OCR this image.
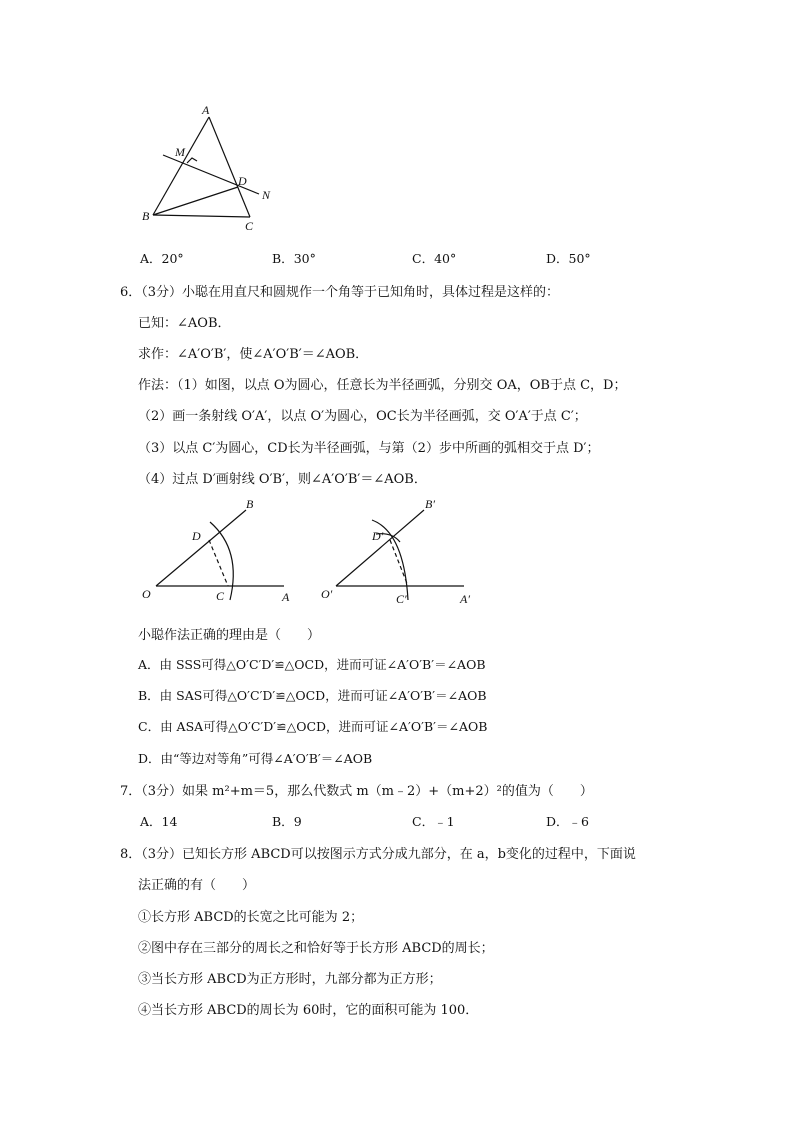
A
M
D
N
B
C
A．20°	B．30°	C．40°	D．50°
6．（3分）小聪在用直尺和圆规作一个角等于已知角时，具体过程是这样的：
已知：∠AOB．
求作：∠A′O′B′，使∠A′O′B′＝∠AOB．
作法：（1）如图，以点 O为圆心，任意长为半径画弧，分别交 OA，OB于点 C，D；
（2）画一条射线 O′A′，以点 O′为圆心，OC长为半径画弧，交 O′A′于点 C′；
（3）以点 C′为圆心，CD长为半径画弧，与第（2）步中所画的弧相交于点 D′；
（4）过点 D′画射线 O′B′，则∠A′O′B′＝∠AOB．
O	C	A
D
B
O′	C′	A′
D′
B′
小聪作法正确的理由是（　　）
A．由 SSS可得△O′C′D′≌△OCD，进而可证∠A′O′B′＝∠AOB
B．由 SAS可得△O′C′D′≌△OCD，进而可证∠A′O′B′＝∠AOB
C．由 ASA可得△O′C′D′≌△OCD，进而可证∠A′O′B′＝∠AOB
D．由“等边对等角”可得∠A′O′B′＝∠AOB
7．（3分）如果 m²+m＝5，那么代数式 m（m﹣2）+（m+2）²的值为（　　）
A．14	B．9	C．﹣1	D．﹣6
8．（3分）已知长方形 ABCD可以按图示方式分成九部分，在 a，b变化的过程中，下面说
法正确的有（　　）
①长方形 ABCD的长宽之比可能为 2；
②图中存在三部分的周长之和恰好等于长方形 ABCD的周长；
③当长方形 ABCD为正方形时，九部分都为正方形；
④当长方形 ABCD的周长为 60时，它的面积可能为 100．
